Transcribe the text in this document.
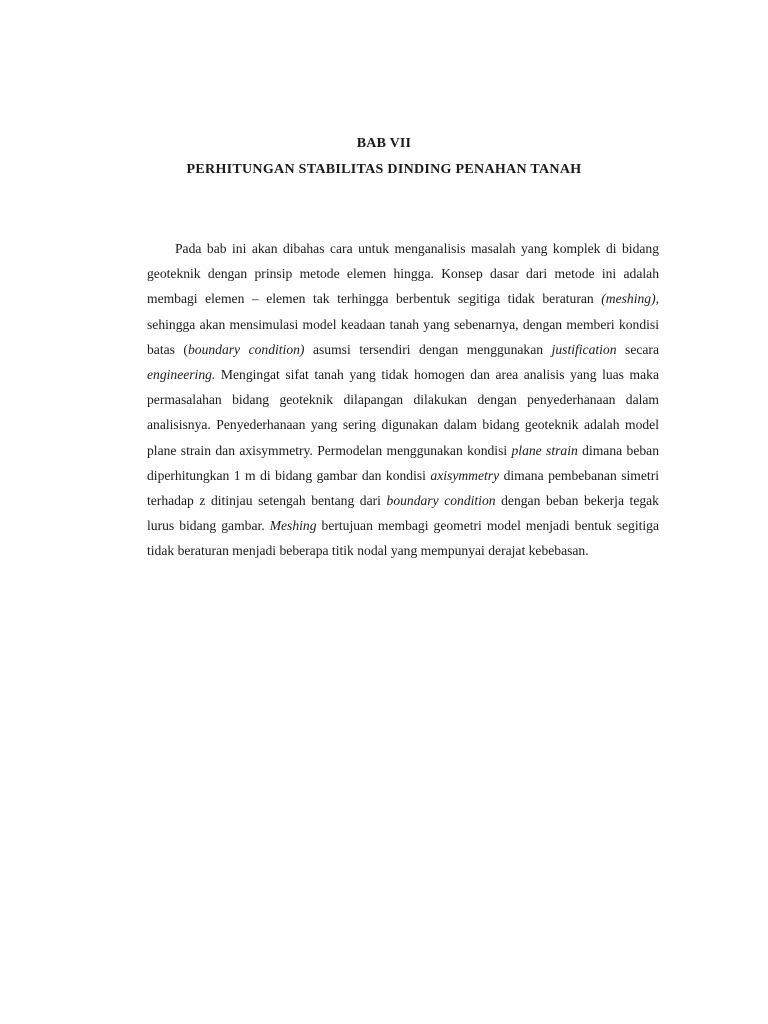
BAB VII
PERHITUNGAN STABILITAS DINDING PENAHAN TANAH

Pada bab ini akan dibahas cara untuk menganalisis masalah yang komplek di bidang geoteknik dengan prinsip metode elemen hingga. Konsep dasar dari metode ini adalah membagi elemen – elemen tak terhingga berbentuk segitiga tidak beraturan (meshing), sehingga akan mensimulasi model keadaan tanah yang sebenarnya, dengan memberi kondisi batas (boundary condition) asumsi tersendiri dengan menggunakan justification secara engineering. Mengingat sifat tanah yang tidak homogen dan area analisis yang luas maka permasalahan bidang geoteknik dilapangan dilakukan dengan penyederhanaan dalam analisisnya. Penyederhanaan yang sering digunakan dalam bidang geoteknik adalah model plane strain dan axisymmetry. Permodelan menggunakan kondisi plane strain dimana beban diperhitungkan 1 m di bidang gambar dan kondisi axisymmetry dimana pembebanan simetri terhadap z ditinjau setengah bentang dari boundary condition dengan beban bekerja tegak lurus bidang gambar. Meshing bertujuan membagi geometri model menjadi bentuk segitiga tidak beraturan menjadi beberapa titik nodal yang mempunyai derajat kebebasan.
